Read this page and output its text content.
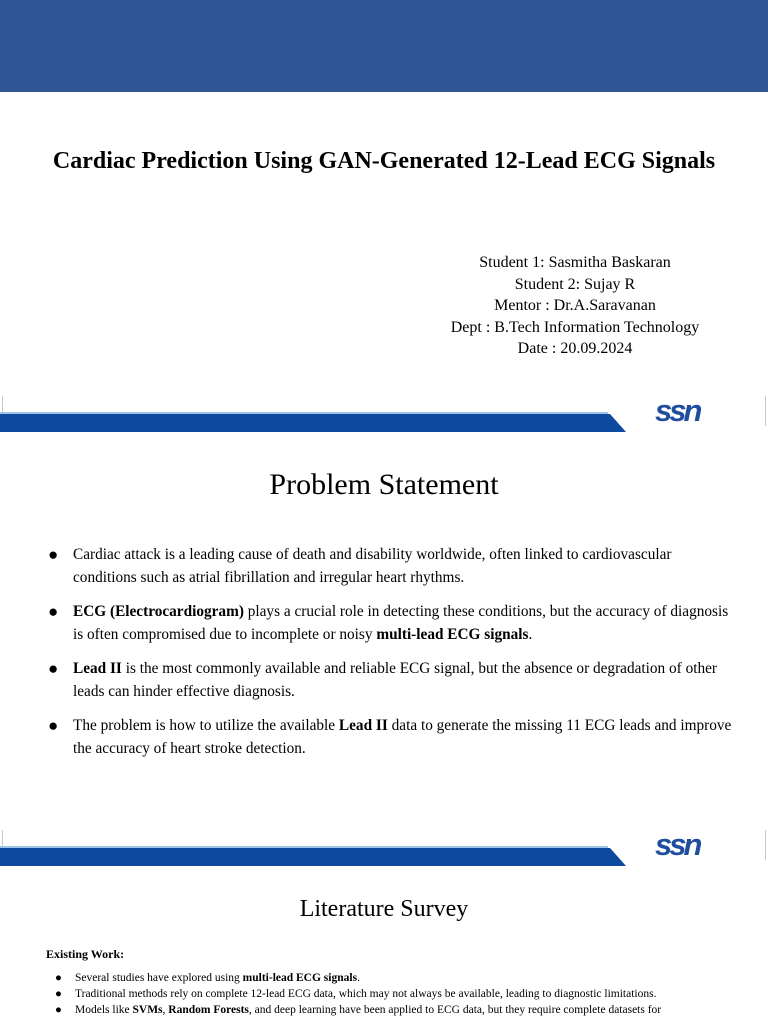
Cardiac Prediction Using GAN-Generated 12-Lead ECG Signals
Student 1: Sasmitha Baskaran
Student 2: Sujay R
Mentor : Dr.A.Saravanan
Dept : B.Tech Information Technology
Date : 20.09.2024
ssn
Problem Statement
● Cardiac attack is a leading cause of death and disability worldwide, often linked to cardiovascular conditions such as atrial fibrillation and irregular heart rhythms.
● ECG (Electrocardiogram) plays a crucial role in detecting these conditions, but the accuracy of diagnosis is often compromised due to incomplete or noisy multi-lead ECG signals.
● Lead II is the most commonly available and reliable ECG signal, but the absence or degradation of other leads can hinder effective diagnosis.
● The problem is how to utilize the available Lead II data to generate the missing 11 ECG leads and improve the accuracy of heart stroke detection.
ssn
Literature Survey
Existing Work:
● Several studies have explored using multi-lead ECG signals.
● Traditional methods rely on complete 12-lead ECG data, which may not always be available, leading to diagnostic limitations.
● Models like SVMs, Random Forests, and deep learning have been applied to ECG data, but they require complete datasets for
